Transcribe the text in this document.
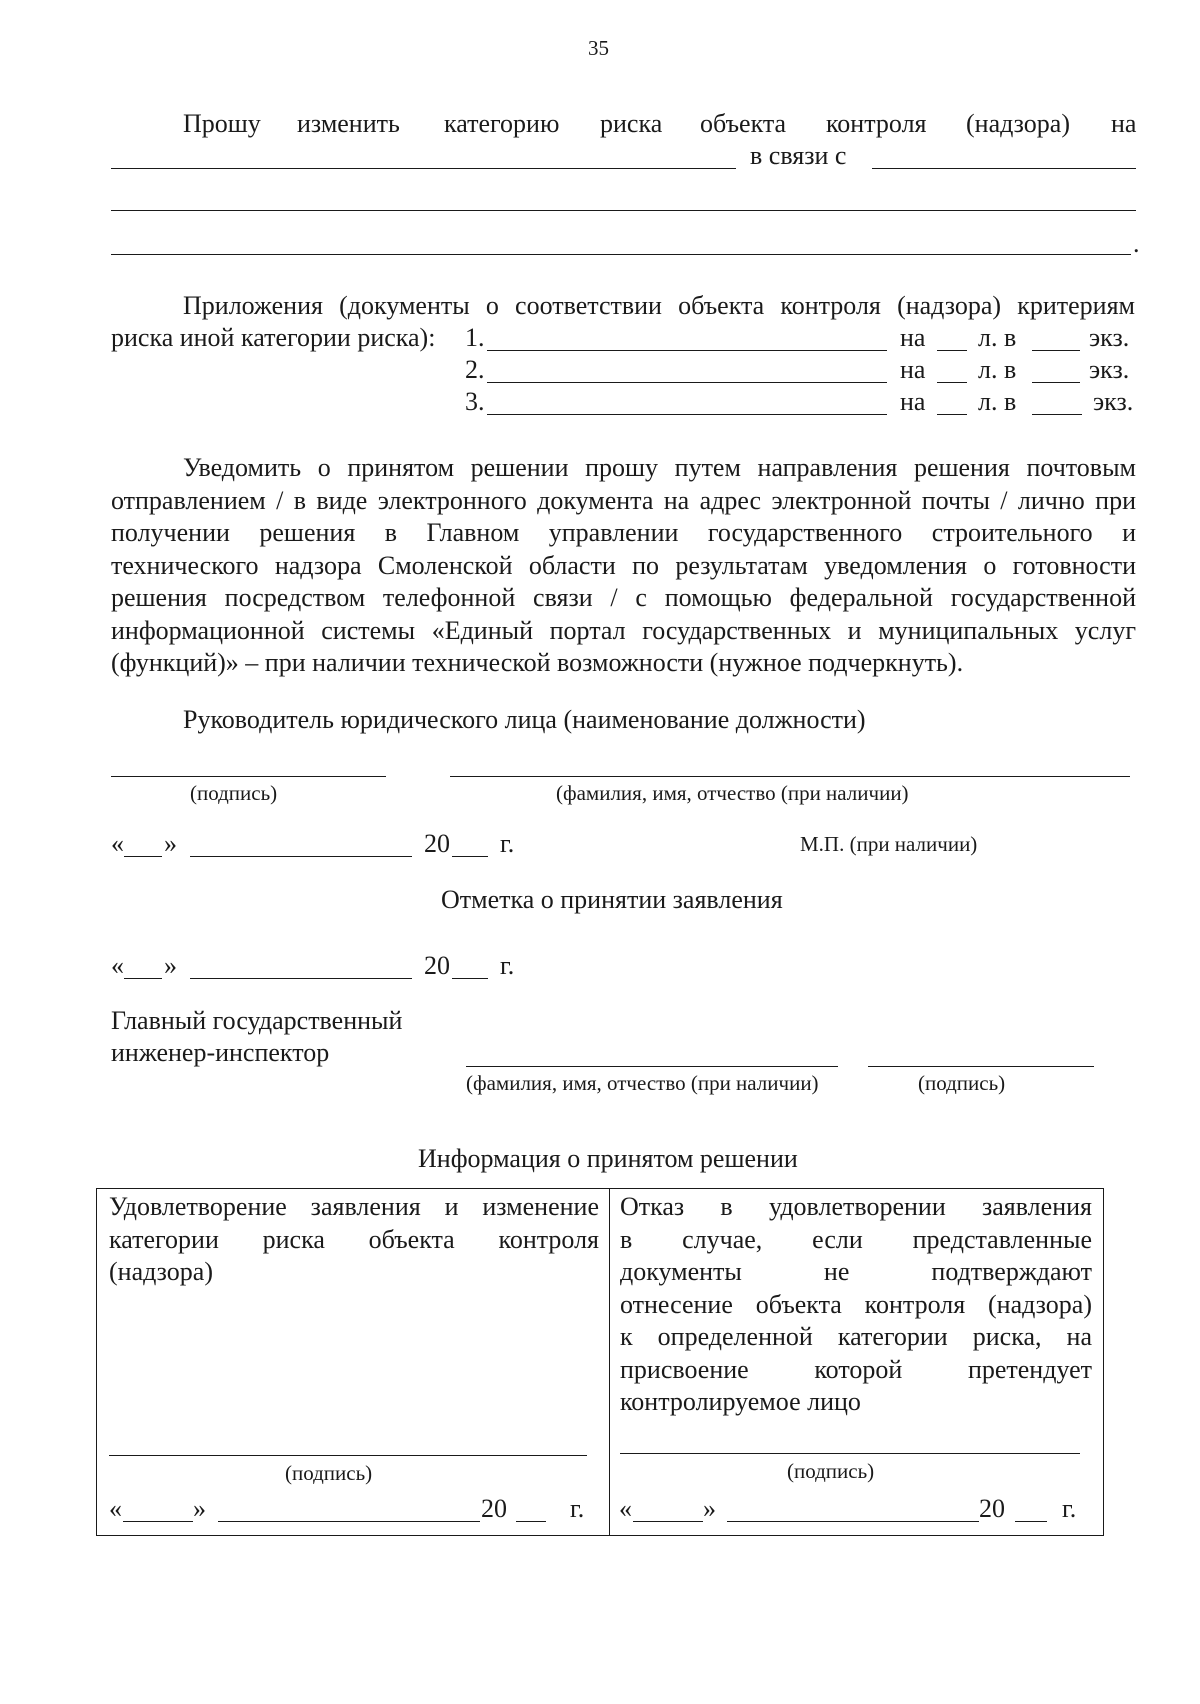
35
Прошу изменить категорию риска объекта контроля (надзора) на
в связи с
.
Приложения (документы о соответствии объекта контроля (надзора) критериям
риска иной категории риска): 1.	на л. в	экз.
2.	на л. в	экз.
3.	на л. в	экз.
Уведомить о принятом решении прошу путем направления решения почтовым
отправлением / в виде электронного документа на адрес электронной почты / лично при
получении решения в Главном управлении государственного строительного и
технического надзора Смоленской области по результатам уведомления о готовности
решения посредством телефонной связи / с помощью федеральной государственной
информационной системы «Единый портал государственных и муниципальных услуг
(функций)» – при наличии технической возможности (нужное подчеркнуть).
Руководитель юридического лица (наименование должности)
(подпись)	(фамилия, имя, отчество (при наличии)
« »	20 г.	М.П. (при наличии)
Отметка о принятии заявления
« »	20 г.
Главный государственный
инженер-инспектор
(фамилия, имя, отчество (при наличии)	(подпись)
Информация о принятом решении
Удовлетворение заявления и изменение
категории риска объекта контроля
(надзора)
(подпись)
«	»	20 г.
Отказ в удовлетворении заявления
в случае, если представленные
документы не подтверждают
отнесение объекта контроля (надзора)
к определенной категории риска, на
присвоение которой претендует
контролируемое лицо
(подпись)
«	»	20 г.
